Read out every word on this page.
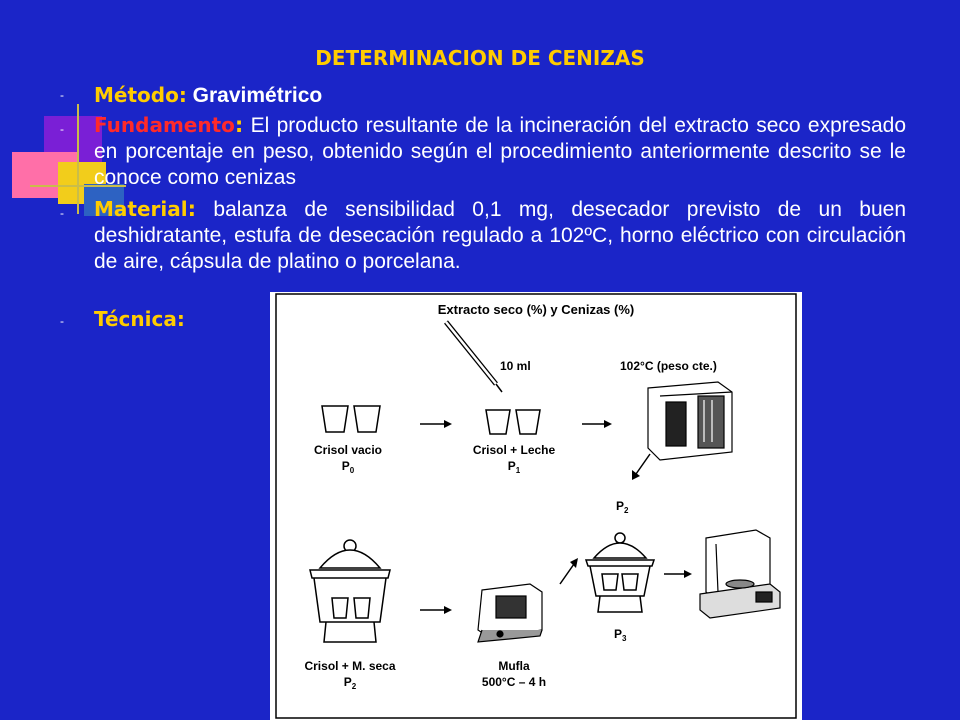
DETERMINACION DE CENIZAS
- Método: Gravimétrico
- Fundamento: El producto resultante de la incineración del extracto seco expresado en porcentaje en peso, obtenido según el procedimiento anteriormente descrito se le conoce como cenizas
- Material: balanza de sensibilidad 0,1 mg, desecador previsto de un buen deshidratante, estufa de desecación regulado a 102ºC, horno eléctrico con circulación de aire, cápsula de platino o porcelana.
- Técnica:	Extracto seco (%) y Cenizas (%)
10 ml	102°C (peso cte.)
Crisol vacio
$P_0$
Crisol + Leche
$P_1$
$P_2$
Crisol + M. seca
$P_2$
Mufla
500°C – 4 h
$P_3$
